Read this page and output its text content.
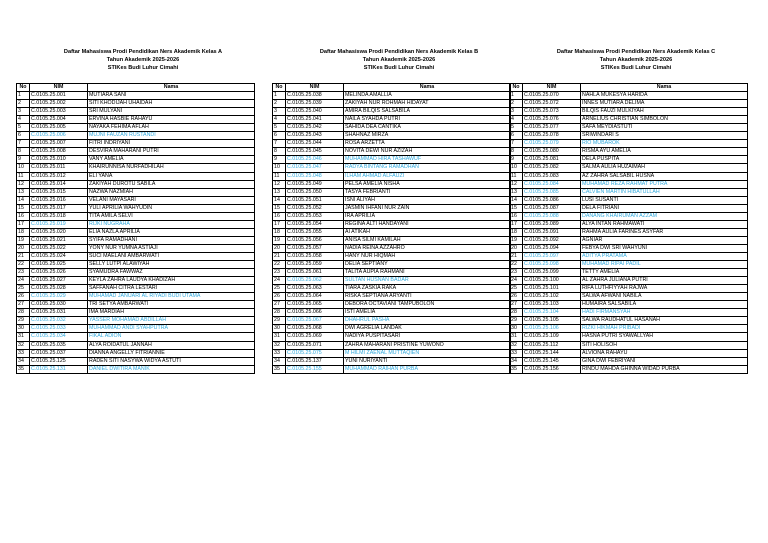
Daftar Mahasiswa Prodi Pendidikan Ners Akademik Kelas A
Tahun Akademik 2025-2026
STIKes Budi Luhur Cimahi
No	NIM	Nama
1	C.0105.25.001	MUTIARA SANI
2	C.0105.25.002	SITI KHODIJAH UHAIDAH
3	C.0105.25.003	SRI MULYANI
4	C.0105.25.004	ERVINA HASBIE RAHAYU
5	C.0105.25.005	NAYAKA FEHIMA AFLAH
6	C.0105.25.006	MUJNI FAUZAN RUSTANDI
7	C.0105.25.007	FITRI INDRIYANI
8	C.0105.25.008	DESVIRA MAHARANI PUTRI
9	C.0105.25.010	VANY AMELIA
10	C.0105.25.011	KHAIRUNNISA NURFADHILAH
11	C.0105.25.012	ELI YANA
12	C.0105.25.014	ZAKIYAH DUROTU SABILA
13	C.0105.25.015	NAZWA NAZMIAH
14	C.0105.25.016	VELANI MAYASARI
15	C.0105.25.017	YULI APRILIA WAHYUDIN
16	C.0105.25.018	TITA AMILA SELVI
17	C.0105.25.019	RIJKI NUGRAHA
18	C.0105.25.020	ELIA NAZLA APRILIA
19	C.0105.25.021	SYIFA RAMADHANI
20	C.0105.25.022	YONY NUR YUMNA ASTIAJI
21	C.0105.25.024	SUCI MAELANI AMBARWATI
22	C.0105.25.025	SELLY LUTPI ALAWIYAH
23	C.0105.25.026	SYAMUDRA FAWWAZ
24	C.0105.25.027	KEYLA ZAHRA LAUDYA KHADIZAH
25	C.0105.25.028	SAFFANAH CITRA LESTARI
26	C.0105.25.029	MUHAMAD JANUARI AL RIYADI BUDI UTAMA
27	C.0105.25.030	TRI SETYA AMBARWATI
28	C.0105.25.031	IMA MARDIAH
29	C.0105.25.032	YASSER MOHAMAD ABDILLAH
30	C.0105.25.033	MUHAMMAD ANDI SYAHPUTRA
31	C.0105.25.034	FIKAL ADION
32	C.0105.25.035	ALYA ROIDATUL JANNAH
33	C.0105.25.037	DIANNA ANGELLY FITRIANNIE
34	C.0105.25.125	RADEN SITI NASYWA WIDYA ASTUTI
35	C.0105.25.131	DANIEL DWITIRA MANIK
Daftar Mahasiswa Prodi Pendidikan Ners Akademik Kelas B
Tahun Akademik 2025-2026
STIKes Budi Luhur Cimahi
No	NIM	Nama
1	C.0105.25.038	MELINDA AMALLIA
2	C.0105.25.039	ZAKIYAH NUR ROHMAH HIDAYAT
3	C.0105.25.040	AMIRA BILQIS SALSABILA
4	C.0105.25.041	NAILA SYAHDA PUTRI
5	C.0105.25.042	SAHIDA DEA CANTIKA
6	C.0105.25.043	SHAHNAZ MIRZA
7	C.0105.25.044	ROSA ARZETTA
8	C.0105.25.045	NOVITA DEWI NUR AZIZAH
9	C.0105.25.046	MUHAMMAD HIRA TASHAWUF
10	C.0105.25.047	RADYA BINTANG RAMADHAN
11	C.0105.25.048	ILHAM AHMAD ALFAUZI
12	C.0105.25.049	PELSA AMELIA NISHA
13	C.0105.25.050	TASYA FEBRIANTI
14	C.0105.25.051	ISNI ALIYAH
15	C.0105.25.052	JASMIN IHFANI NUR ZAIN
16	C.0105.25.053	IRA APRILIA
17	C.0105.25.054	REGINA ALTI HANDAYANI
18	C.0105.25.055	AI ATIKAH
19	C.0105.25.056	ANISA SILMI KAMILAH
20	C.0105.25.057	NADIA REINA AZZAHRO
21	C.0105.25.058	HANY NUR HIQMAH
22	C.0105.25.059	DELIA SEPTIANY
23	C.0105.25.061	TALITA AUPIA RAHMANI
24	C.0105.25.062	SULTAN HUSNAN BADAR
25	C.0105.25.063	TIARA ZASKIA RAKA
26	C.0105.25.064	RISKA SEPTIANA ARYANTI
27	C.0105.25.065	DEBORA OCTAVIANI TAMPUBOLON
28	C.0105.25.066	ISTI AMELIA
29	C.0105.25.067	DHAHRUL PASHA
30	C.0105.25.068	DWI AGRELIA LANDAK
31	C.0105.25.069	NADIYA PUSPITASARI
32	C.0105.25.071	ZAHRA MAHARANI PRISTINE YUWONO
33	C.0105.25.075	M HILMI ZAENAL MUTTAQIEN
34	C.0105.25.137	YUNI NURIYANTI
35	C.0105.25.155	MUHAMMAD RAIHAN PURBA
Daftar Mahasiswa Prodi Pendidikan Ners Akademik Kelas C
Tahun Akademik 2025-2026
STIKes Budi Luhur Cimahi
No	NIM	Nama
1	C.0105.25.070	NAHLA MUKESYA HARIDA
2	C.0105.25.072	INNES MUTIARA DELIMA
3	C.0105.25.073	BILQIS FAUZI MULKIYAH
4	C.0105.25.076	ARNELIUS CHRISTIAN SIMBOLON
5	C.0105.25.077	SAFA MEYDIASTUTI
6	C.0105.25.078	SRIWINDARI S
7	C.0105.25.079	RIO MUBAROK
8	C.0105.25.080	RISMA AYU AMELIA
9	C.0105.25.081	DELA PUSPITA
10	C.0105.25.082	SALMA AULIA HUZAIMAH
11	C.0105.25.083	AZ ZAHRA SALSABIL HUSNA
12	C.0105.25.084	MUHAMAD REZA RAHMAT PUTRA
13	C.0105.25.085	CALVIEN MARTIN HIBATULLAH
14	C.0105.25.086	LUSI SUSANTI
15	C.0105.25.087	DELA FITRIANI
16	C.0105.25.088	DANANG KHAIRUMAN AZZAM
17	C.0105.25.089	ALYA INTAN RAHMAWATI
18	C.0105.25.091	RAHMA AULIA FARINES ASYFAR
19	C.0105.25.092	AGNIAR
20	C.0105.25.094	FEBYA DWI SRI WAHYUNI
21	C.0105.25.097	ADITYA PRATAMA
22	C.0105.25.098	MUHAMAD RIPAI PADIL
23	C.0105.25.099	TETTY AMELIA
24	C.0105.25.100	AL ZAHRA JULIANA PUTRI
25	C.0105.25.101	RIFA LUTHFIYYAH RAJWA
26	C.0105.25.102	SALWA AFWANI NABILA
27	C.0105.25.103	HUMAIRA SALSABILA
28	C.0105.25.104	HADI FIRMANSYAH
29	C.0105.25.105	SALWA RAUDHATUL HASANAH
30	C.0105.25.106	RIZKI HIKMAH PRIBADI
31	C.0105.25.109	HASNA PUTRI SYAWALLYAH
32	C.0105.25.112	SITI HOLISOH
33	C.0105.25.144	ALVIONA RAHAYU
34	C.0105.25.145	GINA DWI FEBRIYANI
35	C.0105.25.156	RINDU MAHDA GHINNA WIDAD PURBA
